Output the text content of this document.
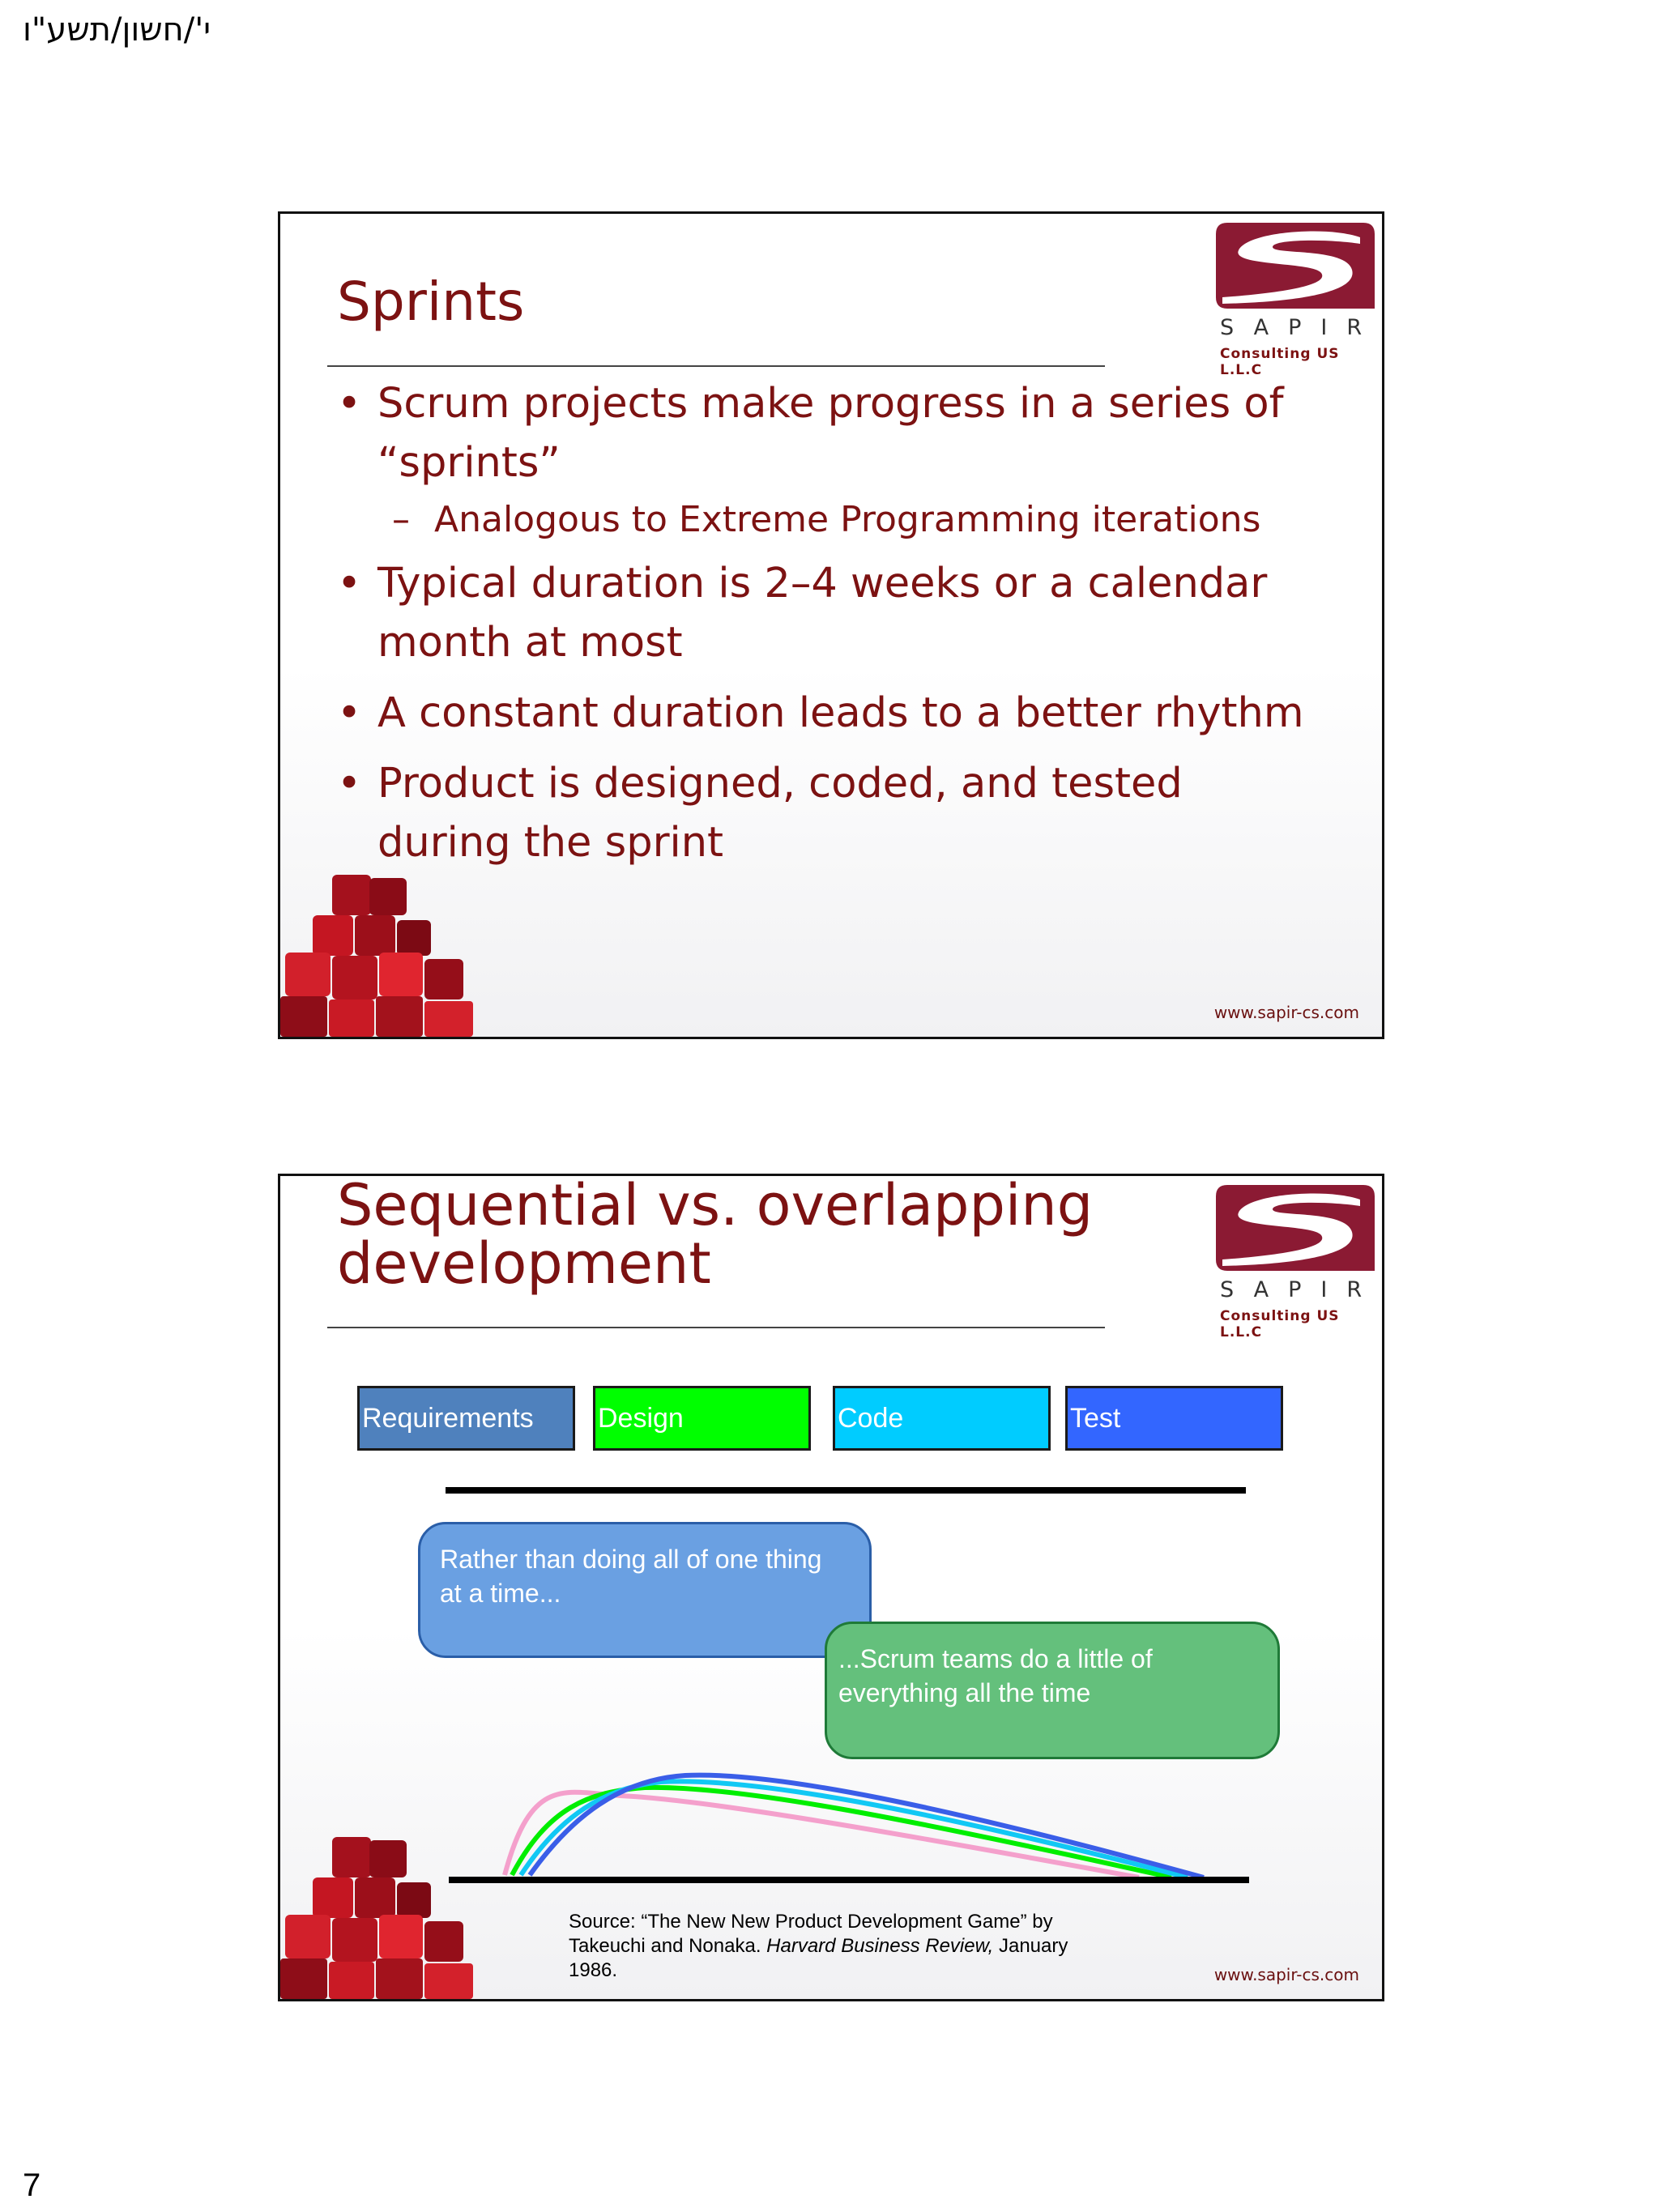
י'/חשון/תשע"ו
Sprints	SAPIR
Consulting US L.L.C
• Scrum projects make progress in a series of “sprints”
– Analogous to Extreme Programming iterations
• Typical duration is 2–4 weeks or a calendar month at most
• A constant duration leads to a better rhythm
• Product is designed, coded, and tested during the sprint
www.sapir-cs.com
Sequential vs. overlapping development	SAPIR
Consulting US L.L.C
Requirements	Design	Code	Test
Rather than doing all of one thing at a time...
...Scrum teams do a little of everything all the time
Source: “The New New Product Development Game” by Takeuchi and Nonaka. Harvard Business Review, January 1986.	www.sapir-cs.com
7
